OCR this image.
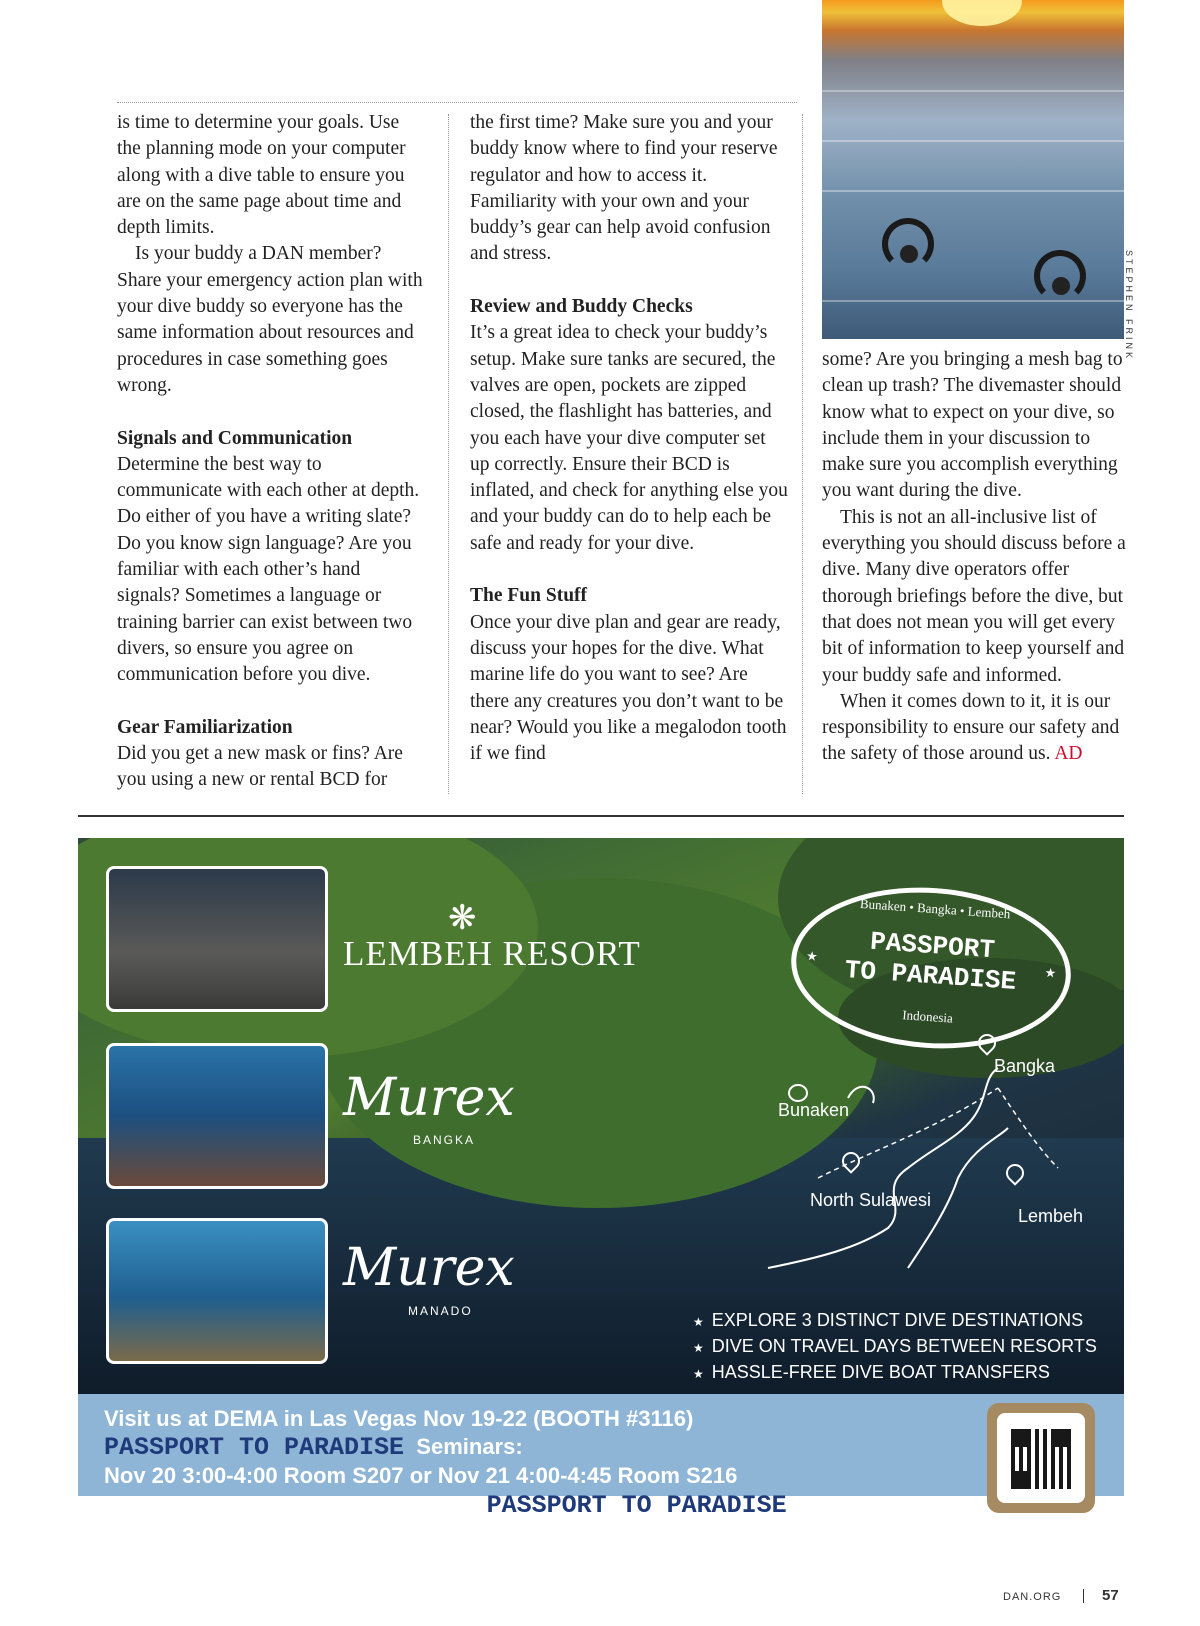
STEPHEN FRINK

is time to determine your goals. Use the planning mode on your computer along with a dive table to ensure you are on the same page about time and depth limits.

Is your buddy a DAN member? Share your emergency action plan with your dive buddy so everyone has the same information about resources and procedures in case something goes wrong.

Signals and Communication

Determine the best way to communicate with each other at depth. Do either of you have a writing slate? Do you know sign language? Are you familiar with each other’s hand signals? Sometimes a language or training barrier can exist between two divers, so ensure you agree on communication before you dive.

Gear Familiarization

Did you get a new mask or fins? Are you using a new or rental BCD for

the first time? Make sure you and your buddy know where to find your reserve regulator and how to access it. Familiarity with your own and your buddy’s gear can help avoid confusion and stress.

Review and Buddy Checks

It’s a great idea to check your buddy’s setup. Make sure tanks are secured, the valves are open, pockets are zipped closed, the flashlight has batteries, and you each have your dive computer set up correctly. Ensure their BCD is inflated, and check for anything else you and your buddy can do to help each be safe and ready for your dive.

The Fun Stuff

Once your dive plan and gear are ready, discuss your hopes for the dive. What marine life do you want to see? Are there any creatures you don’t want to be near? Would you like a megalodon tooth if we find

some? Are you bringing a mesh bag to clean up trash? The divemaster should know what to expect on your dive, so include them in your discussion to make sure you accomplish everything you want during the dive.

This is not an all-inclusive list of everything you should discuss before a dive. Many dive operators offer thorough briefings before the dive, but that does not mean you will get every bit of information to keep yourself and your buddy safe and informed.

When it comes down to it, it is our responsibility to ensure our safety and the safety of those around us. AD

❋
LEMBEH RESORT
Murex
BANGKA
Murex
MANADO
Bunaken • Bangka • Lembeh
★
★
PASSPORT
TO PARADISE
Indonesia
Bangka
Bunaken
North Sulawesi
Lembeh
★ EXPLORE 3 DISTINCT DIVE DESTINATIONS
★ DIVE ON TRAVEL DAYS BETWEEN RESORTS
★ HASSLE-FREE DIVE BOAT TRANSFERS
Visit us at DEMA in Las Vegas Nov 19-22 (BOOTH #3116)
PASSPORT TO PARADISE Seminars:
Nov 20 3:00-4:00 Room S207 or Nov 21 4:00-4:45 Room S216
Attend seminar & Register to WIN a PASSPORT TO PARADISE package!
DAN.ORG	57
